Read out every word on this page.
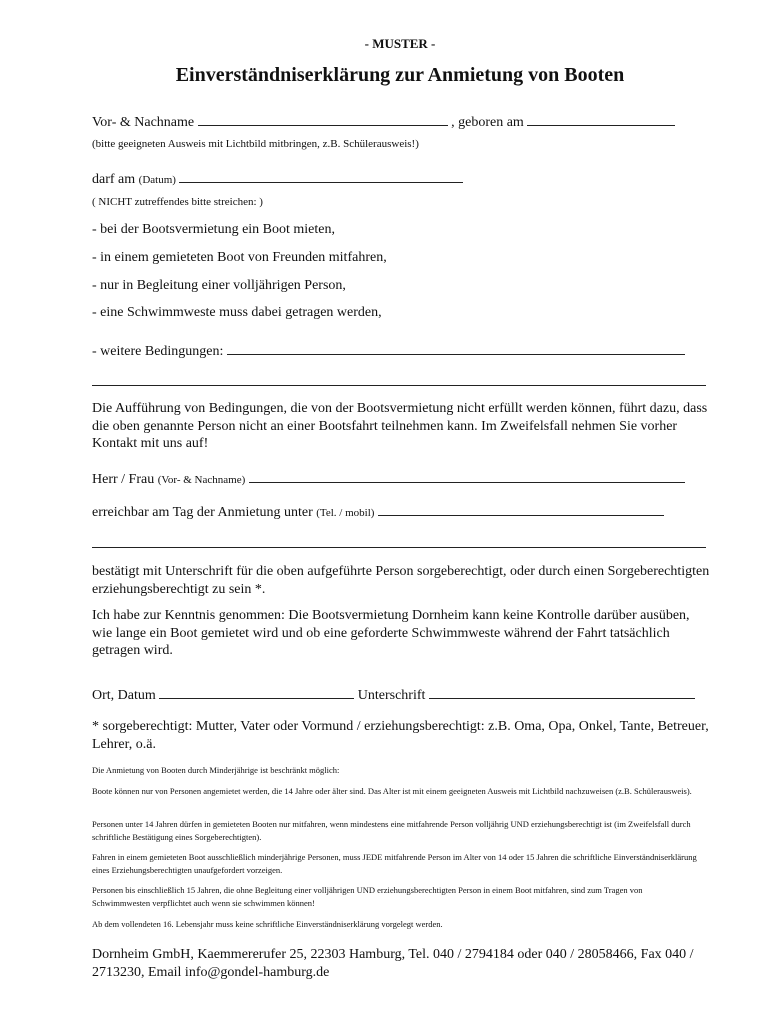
- MUSTER -
Einverständniserklärung zur Anmietung von Booten
Vor- & Nachname	, geboren am
(bitte geeigneten Ausweis mit Lichtbild mitbringen, z.B. Schülerausweis!)
darf am (Datum)
( NICHT zutreffendes bitte streichen: )
- bei der Bootsvermietung ein Boot mieten,
- in einem gemieteten Boot von Freunden mitfahren,
- nur in Begleitung einer volljährigen Person,
- eine Schwimmweste muss dabei getragen werden,
- weitere Bedingungen:
Die Aufführung von Bedingungen, die von der Bootsvermietung nicht erfüllt werden können, führt dazu, dass die oben genannte Person nicht an einer Bootsfahrt teilnehmen kann. Im Zweifelsfall nehmen Sie vorher Kontakt mit uns auf!
Herr / Frau (Vor- & Nachname)
erreichbar am Tag der Anmietung unter (Tel. / mobil)
bestätigt mit Unterschrift für die oben aufgeführte Person sorgeberechtigt, oder durch einen Sorgeberechtigten erziehungsberechtigt zu sein *.
Ich habe zur Kenntnis genommen: Die Bootsvermietung Dornheim kann keine Kontrolle darüber ausüben, wie lange ein Boot gemietet wird und ob eine geforderte Schwimmweste während der Fahrt tatsächlich getragen wird.
Ort, Datum	Unterschrift
* sorgeberechtigt: Mutter, Vater oder Vormund / erziehungsberechtigt: z.B. Oma, Opa, Onkel, Tante, Betreuer, Lehrer, o.ä.
Die Anmietung von Booten durch Minderjährige ist beschränkt möglich:
Boote können nur von Personen angemietet werden, die 14 Jahre oder älter sind. Das Alter ist mit einem geeigneten Ausweis mit Lichtbild nachzuweisen (z.B. Schülerausweis).
Personen unter 14 Jahren dürfen in gemieteten Booten nur mitfahren, wenn mindestens eine mitfahrende Person volljährig UND erziehungsberechtigt ist (im Zweifelsfall durch schriftliche Bestätigung eines Sorgeberechtigten).
Fahren in einem gemieteten Boot ausschließlich minderjährige Personen, muss JEDE mitfahrende Person im Alter von 14 oder 15 Jahren die schriftliche Einverständniserklärung eines Erziehungsberechtigten unaufgefordert vorzeigen.
Personen bis einschließlich 15 Jahren, die ohne Begleitung einer volljährigen UND erziehungsberechtigten Person in einem Boot mitfahren, sind zum Tragen von Schwimmwesten verpflichtet auch wenn sie schwimmen können!
Ab dem vollendeten 16. Lebensjahr muss keine schriftliche Einverständniserklärung vorgelegt werden.
Dornheim GmbH, Kaemmererufer 25, 22303 Hamburg, Tel. 040 / 2794184 oder 040 / 28058466, Fax 040 / 2713230, Email info@gondel-hamburg.de
